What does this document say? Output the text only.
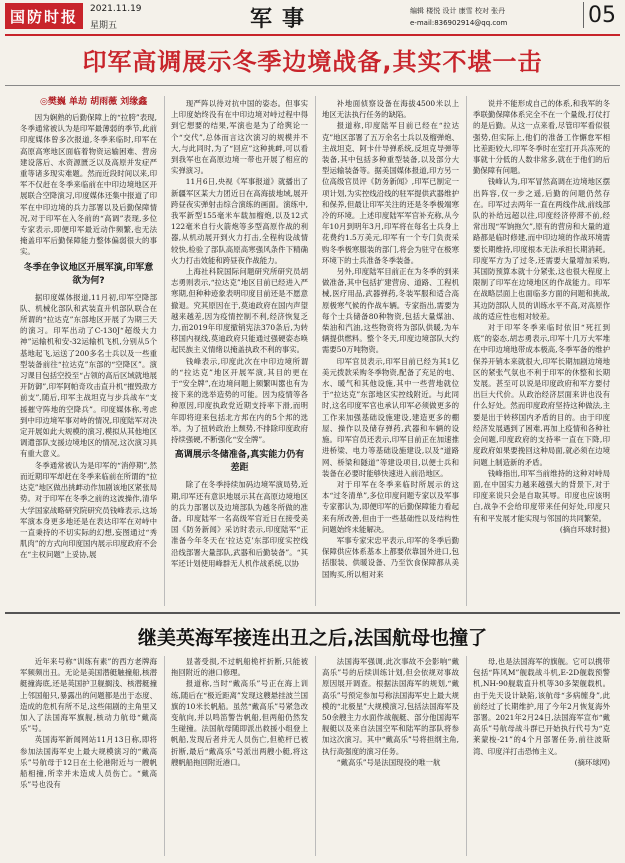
国防时报	2021.11.19
星期五	军事	编辑 楼悦 设计 康雪 校对 张丹
e-mail:836902914@qq.com	05
印军高调展示冬季边境战备,其实不堪一击
◎樊巍 单劫 胡雨薇 刘缘鑫

因为娴熟的后勤保障上的“拉胯”表现,冬季通常被认为是印军最薄弱的季节,此前印度媒体曾多次报道,冬季来临时,印军在高原高寒地区面临着物资运输困难、营房建设落后、水资源匮乏以及高原并发症严重等诸多现实难题。然而近段时间以来,印军不仅赶在冬季来临前在中印边境地区开展联合空降演习,印度媒体还集中报道了印军在中印边境的兵力部署以及后勤保障情况,对于印军在入冬前的“高调”表现,多位专家表示,即便印军最近动作频繁,也无法掩盖印军后勤保障能力整体偏弱很大的事实。

冬季在争议地区开展军演,印军意欲为何?

据印度媒体报道,11月初,印军空降部队、机械化部队和武装直升机部队联合在所谓的“拉达克”东部地区开展了为期三天的演习。印军出动了C-130J“超级大力神”运输机和安-32运输机飞机,分别从5个基地起飞,运送了200多名士兵以及一些重型装备前往“拉达克”东部的“空降区”。演习课目包括空投至“占领的高后区域就地展开防御”,印军阿帕奇攻击直升机“摧毁敌方前支”,随后,印军主战坦克与步兵战车“支援摧守阵地的空降兵”。印度媒体称,考虑到中印边境军事对峙的情况,印度陆军对决定开展如此大规模的演习,模拟从其他地区调遣部队支援边境地区的情况,这次演习具有重大意义。

冬季通常被认为是印军的“消停期”,然而近期印军却赶在冬季来临前在所谓的“拉达克”地区做出挑衅动作加剧该地区紧张局势。对于印军在冬季之前的这波操作,清华大学国家战略研究院研究员钱峰表示,这场军演本身更多地还是在表达印军在对峙中一直秉持的不切实际的幻想,妄图通过“秀肌肉”的方式向印度国内展示印度政府不会在“主权问题”上妥协,展

现严阵以待对抗中国的姿态。但事实上印度始终没有在中印边境对峙过程中得到它想要的结果,军演也是为了给舆论一个“交代”,总体而言这次演习的规模并不大,与此同时,为了“回应”这种挑衅,可以看到我军也在高原边境一带也开展了相应的实弹演习。

11月6日,央视《军事报道》就播出了新疆军区某大力团近日在高海拔地域,展开跨昼夜实弹射击综合演练的画面。演练中,我军新型155毫米车载加榴炮,以及12式122毫米自行火箭炮等多型高原作战的利器,从机动展开到火力打击,全程构设战情较快,检验了部队高原高寒强风条件下精确火力打击效能和跨昼夜作战能力。

上海社科院国际问题研究所研究员胡志勇则表示,“拉达克”地区目前已经进入严寒期,但种种迹象表明印度目前还是不愿意撤退。究其原因在于,莫迪政府在国内声望越来越差,因为疫情控制不利,经济恢复乏力,而2019年印度撤销宪法370条后,为转移国内视线,莫迪政府只能通过强硬姿态唤起民族主义情绪以掩盖执政不利的事实。

钱峰表示,印度此次在中印边境所谓的“拉达克”地区开展军演,其目的更在于“安全牌”,在边境问题上频繁叫嚣也有为接下来的选举造势的可能。因为疫情等各种原因,印度执政党近期支持率下滑,而明年即将迎来包括北方邦在内的5个邦的选举。为了扭转政治上颓势,不排除印度政府持续强硬,不断强化“安全牌”。

高调展示冬储准备,真实能力仍有差距

除了在冬季持续加码边境军演局势,近期,印军还有意识地展示其在高原边境地区的兵力部署以及边境部队为越冬所做的准备。印度陆军一名高级军官近日在接受美国《防务新闻》采访时表示,印度陆军“正准备今年冬天在‘拉达克’东部印度实控线沿线部署大量部队,武器和后勤装备”。“其军还计划使用峰群无人机作战系统,以协

补地面侦察设备在海拔4500米以上地区无法执行任务的缺陷。

报道称,印度陆军目前已经在“拉达克”地区部署了五万余名士兵以及榴弹炮、主战坦克、阿卡什导弹系统,反坦克导弹等装备,其中包括多种重型装备,以及部分大型运输装备等。据美国媒体报道,印方另一位高级官员评《防务新闻》,印军已制定一项计划,为实控线沿线的驻军提供武器维护和保养,但最让印军关注的还是冬季极端寒冷的环境。上述印度陆军军官补充称,从今年10月到明年3月,印军将在每名士兵身上花费约1.5万美元,印军有一个专门负责采购冬季极寒服装的部门,将会为驻守在极寒环境下的士兵准备冬季装备。

另外,印度陆军目前正在为冬季的到来做准备,其中包括扩建营房、道路、工程机械,医疗用品,武器弹药,冬装军服和适合高原极寒气候的作战车辆。专家指出,需要为每个士兵储备80种物资,包括大量煤油、柴油和汽油,这些物资将为部队供暖,为车辆提供燃料。整个冬天,印度边境部队大约需要50万吨物资。

印军官员表示,印军目前已经为其1亿美元拨款采购冬季物资,配备了充足的电、水、暖气和其他设施,其中一些营地就位于“拉达克”东部地区实控线附近。与此同时,这名印度军官也承认印军必须做更多的工作来加强基础设施建设,建造更多的棚屋、操作以及储存弹药,武器和车辆的设施。印军官员还表示,印军目前正在加速推进桥梁、电力等基础设施建设,以及“道路网、桥梁和隧道”等建设项目,以便士兵和装备在必要时能够快速进入前沿地区。

对于印军在冬季来临时所展示的这本“过冬清单”,多位印度问题专家以及军事专家都认为,即便印军的后勤保障能力看起来有所改善,但由于一些基础性以及结构性问题始终未能解决。

军事专家宋忠平表示,印军的冬季后勤保障供应体系基本上都要依靠国外进口,包括服装、供暖设备、乃至饮食保障都从美国购买,所以相对来

说并不能形成自己的体系,和我军的冬季联勤保障体系完全不在一个量级,打仗打的是后勤。从这一点来看,尽管印军看似很强势,但实际上,他们的准备工作懈怠军相比差距较大,印军冬季时在室打开兵冻死的事就十分低的人数非常多,就在于他们的后勤保障有问题。

钱峰认为,印军冒然高调在边境地区摆出阵容,仅一步之遥,后勤的问题仍然存在。印军过去两年一直在两线作战,前线部队的补给远超以往,印度经济停滞不前,经常出现“军饷拖欠”,原有的营房和大量的道路都是临时修建,而中印边境的作战环境需要长期维持,印度根本无法承担长期消耗。印度军方为了过冬,还需要大量增加采购,其国防预算本就十分紧张,这也很大程度上限制了印军在边境地区的作战能力。印军在战略层面上也面临多方面的问题和挑战,其边防部队人员的训练水平不高,对高原作战的适应性也相对较差。

对于印军冬季来临时依旧“死扛到底”的姿态,胡志勇表示,印军十几万大军堆在中印边境地带成本极高,冬季军备的维护保养开销本来就很大,印军长期加剧边境地区的紧张气氛也不利于印军的休整和长期发展。甚至可以说是印度政府和军方要付出巨大代价。从政治经济层面来讲也没有什么好处。然而印度政府坚持这种做法,主要是出于转移国内矛盾的目的。由于印度经济发展遇到了困难,再加上疫情和各种社会问题,印度政府的支持率一直在下降,印度政府如果要挽回这种局面,就必须在边境问题上制造新的矛盾。

钱峰指出,印军当前维持的这种对峙局面,在中国实力越来越强大的背景下,对于印度来说只会是自取其辱。印度也应该明白,战争不会给印度带来任何好处,印度只有和平发展才能实现与邻国的共同繁荣。

(摘自环球时报)

继美英海军接连出丑之后,法国航母也撞了

近年来号称“训练有素”的西方老牌海军频频出丑。无论是美国潜艇触撞船,核潜艇撞海底,还是英国护卫舰搁浅、核潜艇撞上邻国船只,暴露出的问题都是出于态度、造成的危机有所不足,这些闹剧的主角里又加入了法国海军旗舰,核动力航母“戴高乐”号。

英国海军新闻网站11月13日称,即将参加法国海军史上最大规模演习的“戴高乐”号航母于12日在土伦港附近与一艘帆船相撞,所幸并未造成人员伤亡。“戴高乐”号也没有

显著受损,不过帆船桅杆折断,只能被拖回附近的港口修理。

报道称,当时“戴高乐”号正在海上训练,随后在“极近距离”发现这艘悬挂波兰国旗的10米长帆船。虽然“戴高乐”号紧急改变航向,并以鸣笛警告帆船,但两船仍然发生碰撞。法国航母随即派出救援小组登上帆船,发现后者并无人员伤亡,但桅杆已被折断,最后“戴高乐”号派出两艘小艇,将这艘帆船拖回附近港口。

法国海军强调,此次事故不会影响“戴高乐”号的后续训练计划,但会依规对事故原因展开调查。根据法国海军的规划,“戴高乐”号预定参加号称法国海军史上最大规模的“北极星”大规模演习,包括法国海军及50余艘主力水面作战舰艇、部分他国海军舰艇以及来自法国空军和陆军的部队将参加这次演习。其中“戴高乐”号将担纲主角,执行高强度的演习任务。

“戴高乐”号是法国现役的唯一航

母,也是法国海军的旗舰。它可以携带包括“阵风M”舰载战斗机,E-2D舰载预警机,NH-90舰载直升机等30多架舰载机。由于先天设计缺陷,该航母“多病缠身”,此前经过了长期维护,用了今年2月恢复海外部署。2021年2月24日,法国海军宣布“戴高乐”号航母战斗群已开始执行代号为“克莱蒙梭-21”的4个月部署任务,前往波斯湾、印度洋打击恐怖主义。

(摘环球网)
